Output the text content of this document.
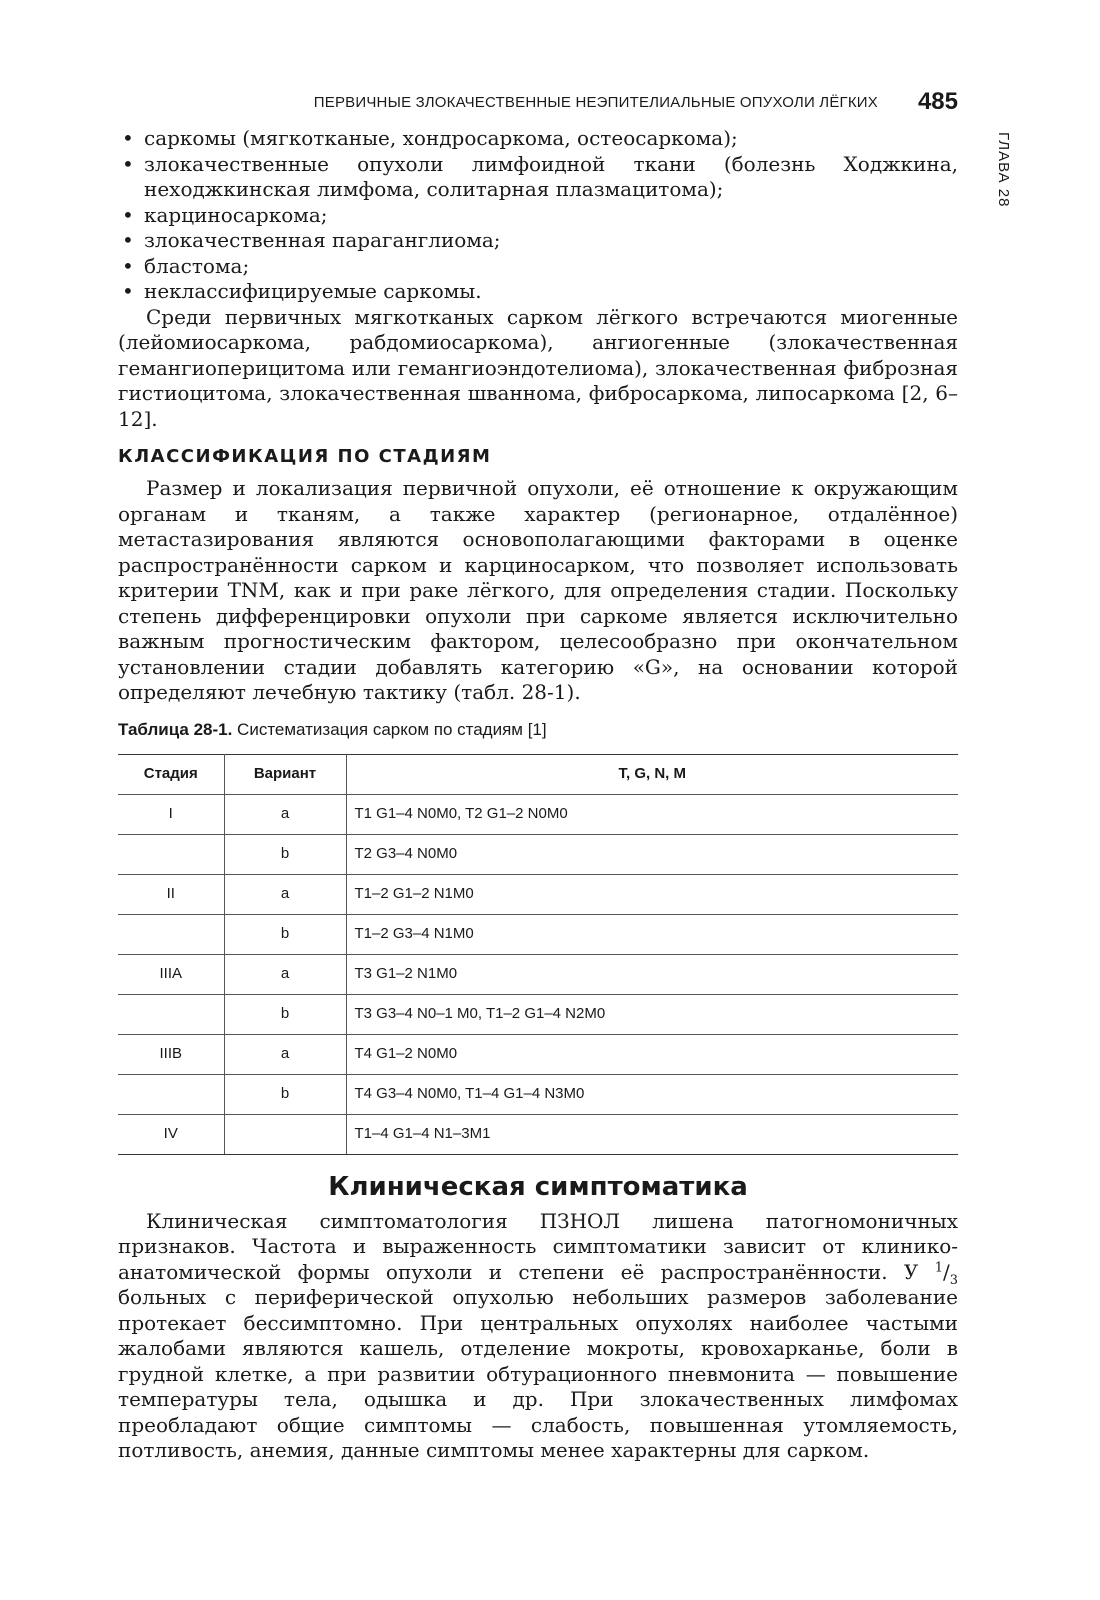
ПЕРВИЧНЫЕ ЗЛОКАЧЕСТВЕННЫЕ НЕЭПИТЕЛИАЛЬНЫЕ ОПУХОЛИ ЛЁГКИХ 485
ГЛАВА 28
• саркомы (мягкотканые, хондросаркома, остеосаркома);
• злокачественные опухоли лимфоидной ткани (болезнь Ходжкина, неходжкинская лимфома, солитарная плазмацитома);
• карциносаркома;
• злокачественная параганглиома;
• бластома;
• неклассифицируемые саркомы.

Среди первичных мягкотканых сарком лёгкого встречаются миогенные (лейомиосаркома, рабдомиосаркома), ангиогенные (злокачественная гемангиоперицитома или гемангиоэндотелиома), злокачественная фиброзная гистиоцитома, злокачественная шваннома, фибросаркома, липосаркома [2, 6–12].

КЛАССИФИКАЦИЯ ПО СТАДИЯМ

Размер и локализация первичной опухоли, её отношение к окружающим органам и тканям, а также характер (регионарное, отдалённое) метастазирования являются основополагающими факторами в оценке распространённости сарком и карциносарком, что позволяет использовать критерии TNM, как и при раке лёгкого, для определения стадии. Поскольку степень дифференцировки опухоли при саркоме является исключительно важным прогностическим фактором, целесообразно при окончательном установлении стадии добавлять категорию «G», на основании которой определяют лечебную тактику (табл. 28-1).

Таблица 28-1. Систематизация сарком по стадиям [1]
Стадия	Вариант	T, G, N, M
I	a	T1 G1–4 N0M0, T2 G1–2 N0M0
	b	T2 G3–4 N0M0
II	a	T1–2 G1–2 N1M0
	b	T1–2 G3–4 N1M0
IIIA	a	T3 G1–2 N1M0
	b	T3 G3–4 N0–1 M0, T1–2 G1–4 N2M0
IIIB	a	T4 G1–2 N0M0
	b	T4 G3–4 N0M0, T1–4 G1–4 N3M0
IV		T1–4 G1–4 N1–3M1
Клиническая симптоматика

Клиническая симптоматология ПЗНОЛ лишена патогномоничных признаков. Частота и выраженность симптоматики зависит от клинико-анатомической формы опухоли и степени её распространённости. У $^1/_3$ больных с периферической опухолью небольших размеров заболевание протекает бессимптомно. При центральных опухолях наиболее частыми жалобами являются кашель, отделение мокроты, кровохарканье, боли в грудной клетке, а при развитии обтурационного пневмонита — повышение температуры тела, одышка и др. При злокачественных лимфомах преобладают общие симптомы — слабость, повышенная утомляемость, потливость, анемия, данные симптомы менее характерны для сарком.
